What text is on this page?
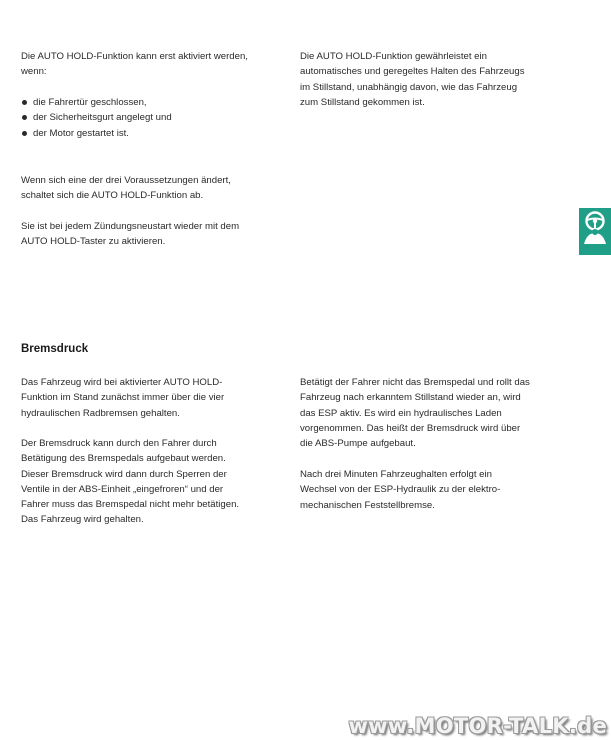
Die AUTO HOLD-Funktion kann erst aktiviert werden,

wenn:

die Fahrertür geschlossen,
der Sicherheitsgurt angelegt und
der Motor gestartet ist.

Wenn sich eine der drei Voraussetzungen ändert,

schaltet sich die AUTO HOLD-Funktion ab.

Sie ist bei jedem Zündungsneustart wieder mit dem

AUTO HOLD-Taster zu aktivieren.

Die AUTO HOLD-Funktion gewährleistet ein

automatisches und geregeltes Halten des Fahrzeugs

im Stillstand, unabhängig davon, wie das Fahrzeug

zum Stillstand gekommen ist.

Bremsdruck

Das Fahrzeug wird bei aktivierter AUTO HOLD-

Funktion im Stand zunächst immer über die vier

hydraulischen Radbremsen gehalten.

Der Bremsdruck kann durch den Fahrer durch

Betätigung des Bremspedals aufgebaut werden.

Dieser Bremsdruck wird dann durch Sperren der

Ventile in der ABS-Einheit „eingefroren“ und der

Fahrer muss das Bremspedal nicht mehr betätigen.

Das Fahrzeug wird gehalten.

Betätigt der Fahrer nicht das Bremspedal und rollt das

Fahrzeug nach erkanntem Stillstand wieder an, wird

das ESP aktiv. Es wird ein hydraulisches Laden

vorgenommen. Das heißt der Bremsdruck wird über

die ABS-Pumpe aufgebaut.

Nach drei Minuten Fahrzeughalten erfolgt ein

Wechsel von der ESP-Hydraulik zu der elektro-

mechanischen Feststellbremse.

www.MOTOR-TALK.de
